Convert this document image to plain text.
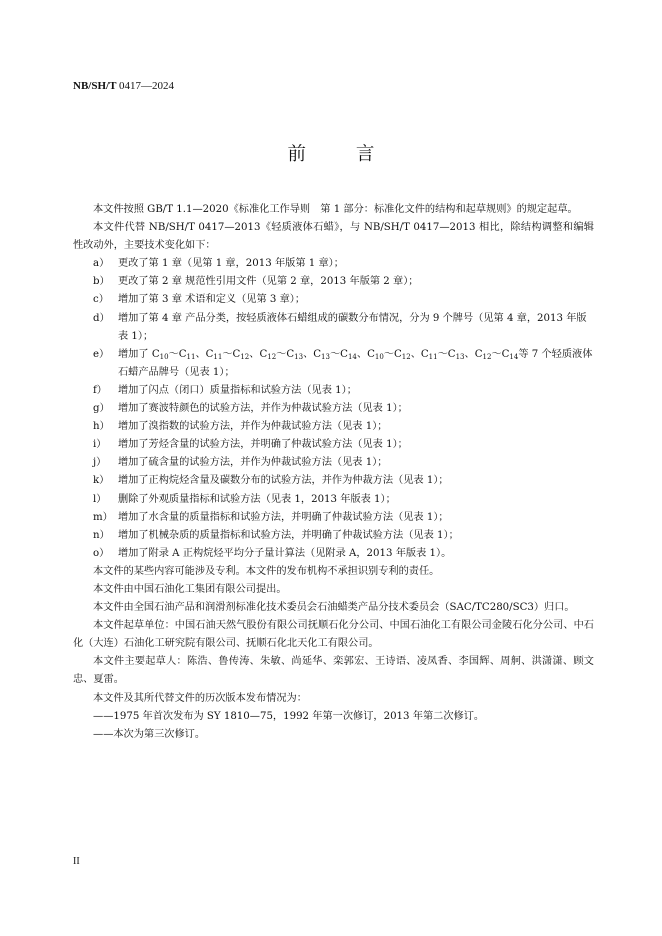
NB/SH/T 0417—2024
前 言

本文件按照 GB/T 1.1—2020《标准化工作导则　第 1 部分：标准化文件的结构和起草规则》的规定起草。

本文件代替 NB/SH/T 0417—2013《轻质液体石蜡》，与 NB/SH/T 0417—2013 相比，除结构调整和编辑性改动外，主要技术变化如下：

a） 更改了第 1 章（见第 1 章，2013 年版第 1 章）；
b） 更改了第 2 章 规范性引用文件（见第 2 章，2013 年版第 2 章）；
c） 增加了第 3 章 术语和定义（见第 3 章）；
d） 增加了第 4 章 产品分类，按轻质液体石蜡组成的碳数分布情况，分为 9 个牌号（见第 4 章，2013 年版表 1）；
e） 增加了 $C_{10}\sim C_{11}$、$C_{11}\sim C_{12}$、$C_{12}\sim C_{13}$、$C_{13}\sim C_{14}$、$C_{10}\sim C_{12}$、$C_{11}\sim C_{13}$、$C_{12}\sim C_{14}$等 7 个轻质液体石蜡产品牌号（见表 1）；
f）	增加了闪点（闭口）质量指标和试验方法（见表 1）；
g） 增加了赛波特颜色的试验方法，并作为仲裁试验方法（见表 1）；
h） 增加了溴指数的试验方法，并作为仲裁试验方法（见表 1）；
i）	增加了芳烃含量的试验方法，并明确了仲裁试验方法（见表 1）；
j）	增加了硫含量的试验方法，并作为仲裁试验方法（见表 1）；
k） 增加了正构烷烃含量及碳数分布的试验方法，并作为仲裁方法（见表 1）；
l）	删除了外观质量指标和试验方法（见表 1，2013 年版表 1）；
m） 增加了水含量的质量指标和试验方法，并明确了仲裁试验方法（见表 1）；
n） 增加了机械杂质的质量指标和试验方法，并明确了仲裁试验方法（见表 1）；
o） 增加了附录 A 正构烷烃平均分子量计算法（见附录 A，2013 年版表 1）。

本文件的某些内容可能涉及专利。本文件的发布机构不承担识别专利的责任。

本文件由中国石油化工集团有限公司提出。

本文件由全国石油产品和润滑剂标准化技术委员会石油蜡类产品分技术委员会（SAC/TC280/SC3）归口。

本文件起草单位：中国石油天然气股份有限公司抚顺石化分公司、中国石油化工有限公司金陵石化分公司、中石化（大连）石油化工研究院有限公司、抚顺石化北天化工有限公司。

本文件主要起草人：陈浩、鲁传涛、朱敏、尚延华、栾郭宏、王诗语、凌凤香、李国辉、周舸、洪潇潇、顾文忠、夏雷。

本文件及其所代替文件的历次版本发布情况为：

——1975 年首次发布为 SY 1810—75，1992 年第一次修订，2013 年第二次修订。

——本次为第三次修订。

II
